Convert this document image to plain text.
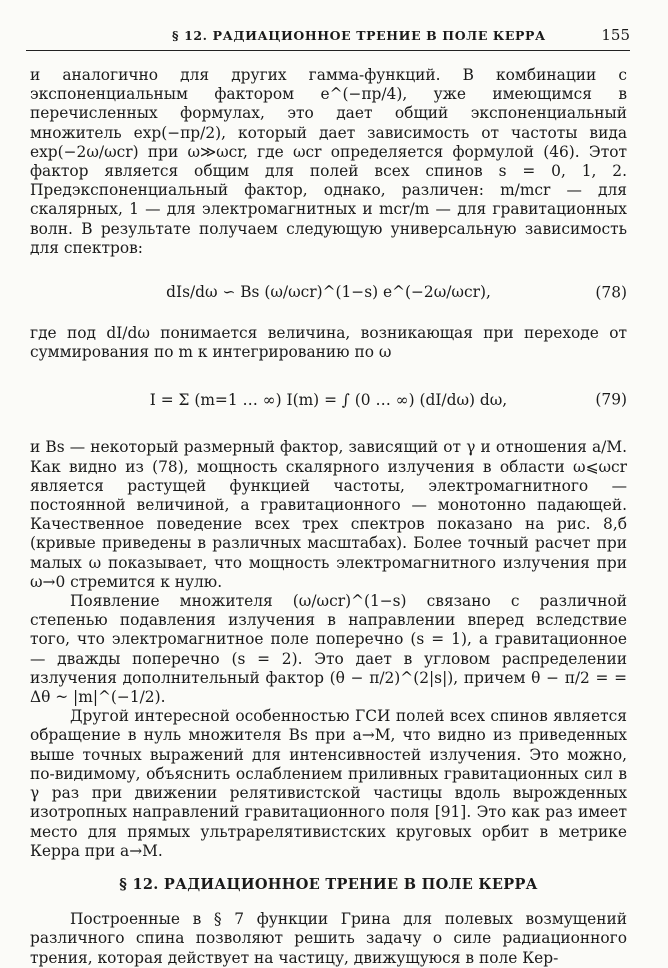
§ 12. РАДИАЦИОННОЕ ТРЕНИЕ В ПОЛЕ КЕРРА	155

и аналогично для других гамма-функций. В комбинации с экспоненциальным фактором e^(−πp/4), уже имеющимся в перечисленных формулах, это дает общий экспоненциальный множитель exp(−πp/2), который дает зависимость от частоты вида exp(−2ω/ωcr) при ω≫ωcr, где ωcr определяется формулой (46). Этот фактор является общим для полей всех спинов s = 0, 1, 2. Предэкспоненциальный фактор, однако, различен: m/mcr — для скалярных, 1 — для электромагнитных и mcr/m — для гравитационных волн. В результате получаем следующую универсальную зависимость для спектров:

dIs/dω ∽ Bs (ω/ωcr)^(1−s) e^(−2ω/ωcr),	(78)

где под dI/dω понимается величина, возникающая при переходе от суммирования по m к интегрированию по ω

I = Σ (m=1 … ∞) I(m) = ∫ (0 … ∞) (dI/dω) dω,	(79)

и Bs — некоторый размерный фактор, зависящий от γ и отношения a/M. Как видно из (78), мощность скалярного излучения в области ω⩽ωcr является растущей функцией частоты, электромагнитного — постоянной величиной, а гравитационного — монотонно падающей. Качественное поведение всех трех спектров показано на рис. 8,б (кривые приведены в различных масштабах). Более точный расчет при малых ω показывает, что мощность электромагнитного излучения при ω→0 стремится к нулю.

Появление множителя (ω/ωcr)^(1−s) связано с различной степенью подавления излучения в направлении вперед вследствие того, что электромагнитное поле поперечно (s = 1), а гравитационное — дважды поперечно (s = 2). Это дает в угловом распределении излучения дополнительный фактор (θ − π/2)^(2|s|), причем θ − π/2 = = Δθ ~ |m|^(−1/2).

Другой интересной особенностью ГСИ полей всех спинов является обращение в нуль множителя Bs при a→M, что видно из приведенных выше точных выражений для интенсивностей излучения. Это можно, по-видимому, объяснить ослаблением приливных гравитационных сил в γ раз при движении релятивистской частицы вдоль вырожденных изотропных направлений гравитационного поля [91]. Это как раз имеет место для прямых ультрарелятивистских круговых орбит в метрике Керра при a→M.

§ 12. РАДИАЦИОННОЕ ТРЕНИЕ В ПОЛЕ КЕРРА

Построенные в § 7 функции Грина для полевых возмущений различного спина позволяют решить задачу о силе радиационного трения, которая действует на частицу, движущуюся в поле Кер-
